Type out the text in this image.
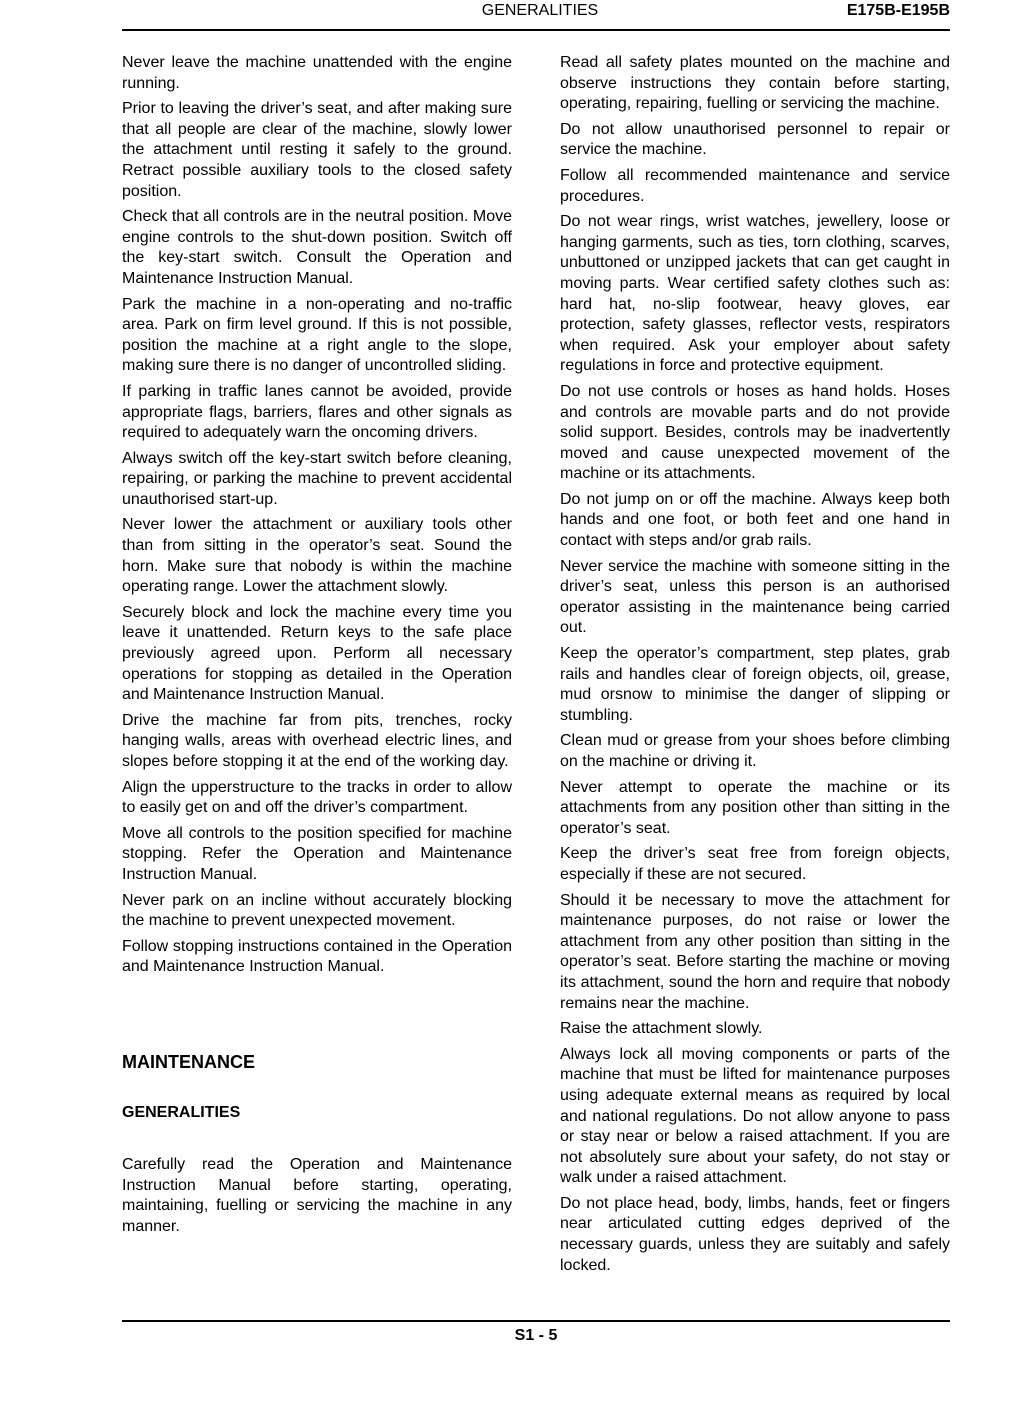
GENERALITIES	E175B-E195B

Never leave the machine unattended with the engine running.

Prior to leaving the driver’s seat, and after making sure that all people are clear of the machine, slowly lower the attachment until resting it safely to the ground. Retract possible auxiliary tools to the closed safety position.

Check that all controls are in the neutral position. Move engine controls to the shut-down position. Switch off the key-start switch. Consult the Operation and Maintenance Instruction Manual.

Park the machine in a non-operating and no-traffic area. Park on firm level ground. If this is not possible, position the machine at a right angle to the slope, making sure there is no danger of uncontrolled sliding.

If parking in traffic lanes cannot be avoided, provide appropriate flags, barriers, flares and other signals as required to adequately warn the oncoming drivers.

Always switch off the key-start switch before cleaning, repairing, or parking the machine to prevent accidental unauthorised start-up.

Never lower the attachment or auxiliary tools other than from sitting in the operator’s seat. Sound the horn. Make sure that nobody is within the machine operating range. Lower the attachment slowly.

Securely block and lock the machine every time you leave it unattended. Return keys to the safe place previously agreed upon. Perform all necessary operations for stopping as detailed in the Operation and Maintenance Instruction Manual.

Drive the machine far from pits, trenches, rocky hanging walls, areas with overhead electric lines, and slopes before stopping it at the end of the working day.

Align the upperstructure to the tracks in order to allow to easily get on and off the driver’s compartment.

Move all controls to the position specified for machine stopping. Refer the Operation and Maintenance Instruction Manual.

Never park on an incline without accurately blocking the machine to prevent unexpected movement.

Follow stopping instructions contained in the Operation and Maintenance Instruction Manual.

MAINTENANCE
GENERALITIES

Carefully read the Operation and Maintenance Instruction Manual before starting, operating, maintaining, fuelling or servicing the machine in any manner.

Read all safety plates mounted on the machine and observe instructions they contain before starting, operating, repairing, fuelling or servicing the machine.

Do not allow unauthorised personnel to repair or service the machine.

Follow all recommended maintenance and service procedures.

Do not wear rings, wrist watches, jewellery, loose or hanging garments, such as ties, torn clothing, scarves, unbuttoned or unzipped jackets that can get caught in moving parts. Wear certified safety clothes such as: hard hat, no-slip footwear, heavy gloves, ear protection, safety glasses, reflector vests, respirators when required. Ask your employer about safety regulations in force and protective equipment.

Do not use controls or hoses as hand holds. Hoses and controls are movable parts and do not provide solid support. Besides, controls may be inadvertently moved and cause unexpected movement of the machine or its attachments.

Do not jump on or off the machine. Always keep both hands and one foot, or both feet and one hand in contact with steps and/or grab rails.

Never service the machine with someone sitting in the driver’s seat, unless this person is an authorised operator assisting in the maintenance being carried out.

Keep the operator’s compartment, step plates, grab rails and handles clear of foreign objects, oil, grease, mud orsnow to minimise the danger of slipping or stumbling.

Clean mud or grease from your shoes before climbing on the machine or driving it.

Never attempt to operate the machine or its attachments from any position other than sitting in the operator’s seat.

Keep the driver’s seat free from foreign objects, especially if these are not secured.

Should it be necessary to move the attachment for maintenance purposes, do not raise or lower the attachment from any other position than sitting in the operator’s seat. Before starting the machine or moving its attachment, sound the horn and require that nobody remains near the machine.

Raise the attachment slowly.

Always lock all moving components or parts of the machine that must be lifted for maintenance purposes using adequate external means as required by local and national regulations. Do not allow anyone to pass or stay near or below a raised attachment. If you are not absolutely sure about your safety, do not stay or walk under a raised attachment.

Do not place head, body, limbs, hands, feet or fingers near articulated cutting edges deprived of the necessary guards, unless they are suitably and safely locked.

S1 - 5
